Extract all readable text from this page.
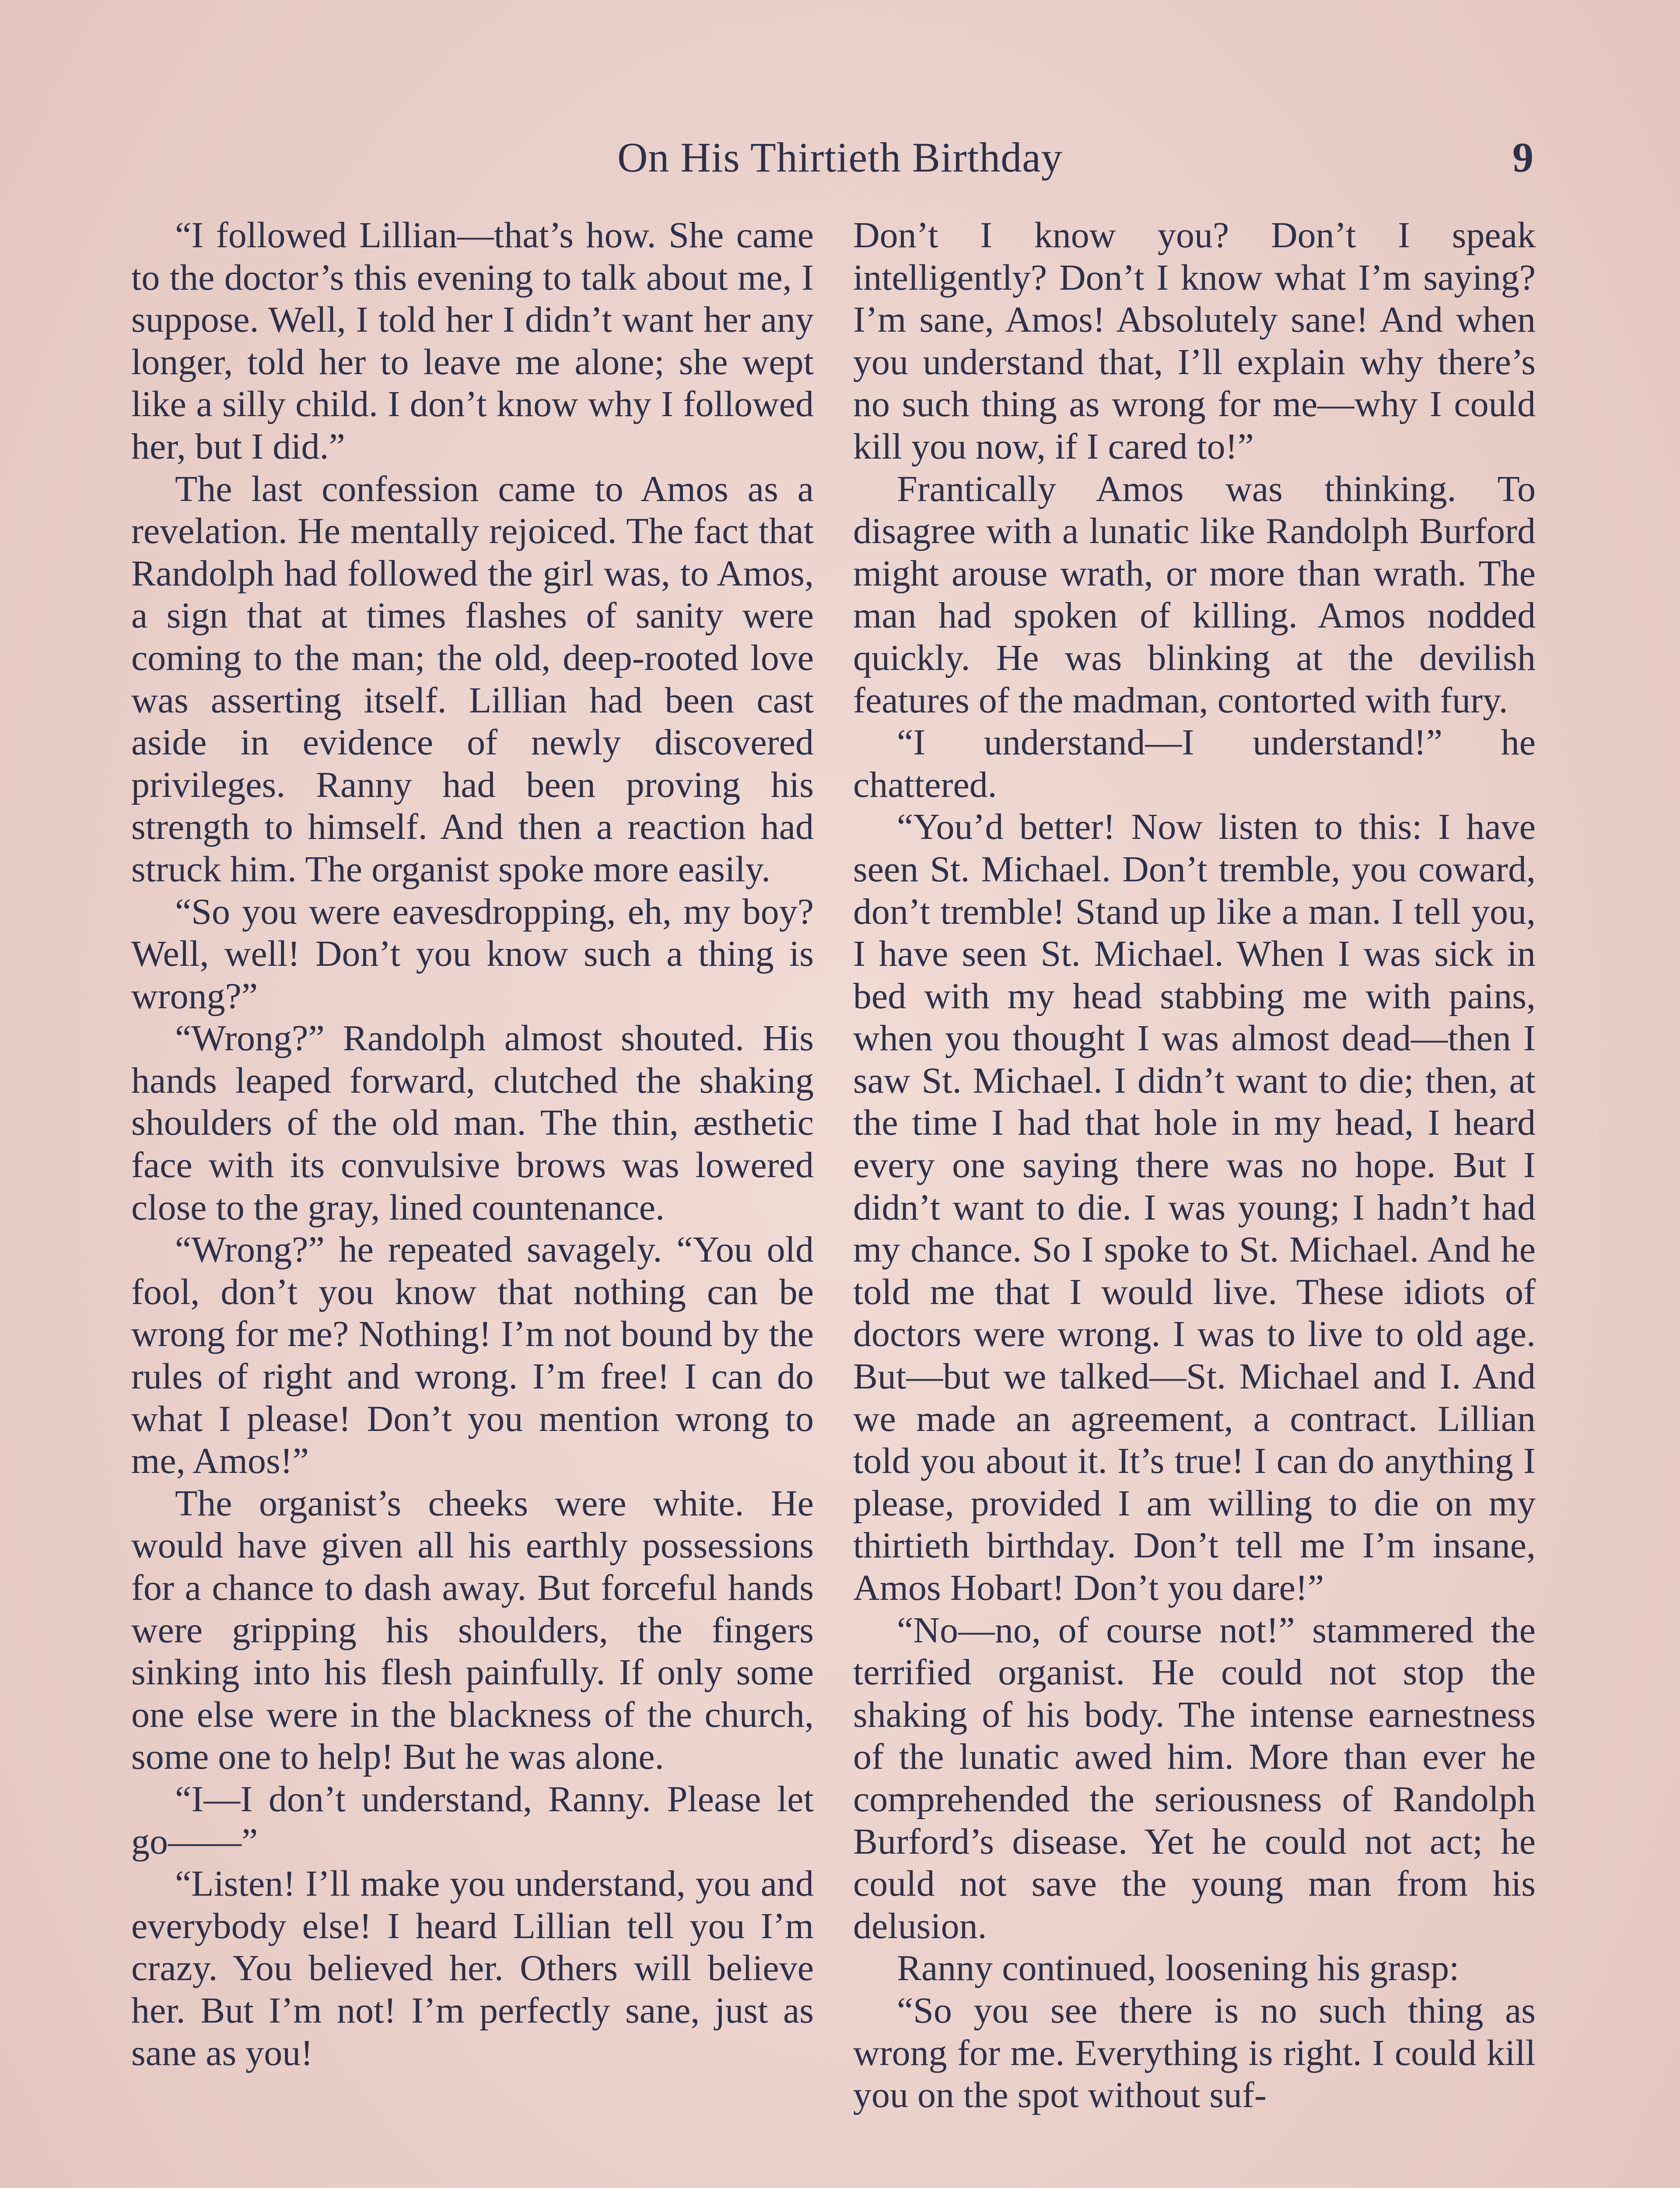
On His Thirtieth Birthday	9

“I followed Lillian—that’s how. She came to the doctor’s this evening to talk about me, I suppose. Well, I told her I didn’t want her any longer, told her to leave me alone; she wept like a silly child. I don’t know why I followed her, but I did.”

The last confession came to Amos as a revelation. He mentally rejoiced. The fact that Randolph had followed the girl was, to Amos, a sign that at times flashes of sanity were coming to the man; the old, deep-rooted love was asserting itself. Lillian had been cast aside in evidence of newly discovered privileges. Ranny had been proving his strength to himself. And then a reaction had struck him. The organist spoke more easily.

“So you were eavesdropping, eh, my boy? Well, well! Don’t you know such a thing is wrong?”

“Wrong?” Randolph almost shouted. His hands leaped forward, clutched the shaking shoulders of the old man. The thin, æsthetic face with its convulsive brows was lowered close to the gray, lined countenance.

“Wrong?” he repeated savagely. “You old fool, don’t you know that nothing can be wrong for me? Nothing! I’m not bound by the rules of right and wrong. I’m free! I can do what I please! Don’t you mention wrong to me, Amos!”

The organist’s cheeks were white. He would have given all his earthly possessions for a chance to dash away. But forceful hands were gripping his shoulders, the fingers sinking into his flesh painfully. If only some one else were in the blackness of the church, some one to help! But he was alone.

“I—I don’t understand, Ranny. Please let go——”

“Listen! I’ll make you understand, you and everybody else! I heard Lillian tell you I’m crazy. You believed her. Others will believe her. But I’m not! I’m perfectly sane, just as sane as you!

Don’t I know you? Don’t I speak intelligently? Don’t I know what I’m saying? I’m sane, Amos! Absolutely sane! And when you understand that, I’ll explain why there’s no such thing as wrong for me—why I could kill you now, if I cared to!”

Frantically Amos was thinking. To disagree with a lunatic like Randolph Burford might arouse wrath, or more than wrath. The man had spoken of killing. Amos nodded quickly. He was blinking at the devilish features of the madman, contorted with fury.

“I understand—I understand!” he chattered.

“You’d better! Now listen to this: I have seen St. Michael. Don’t tremble, you coward, don’t tremble! Stand up like a man. I tell you, I have seen St. Michael. When I was sick in bed with my head stabbing me with pains, when you thought I was almost dead—then I saw St. Michael. I didn’t want to die; then, at the time I had that hole in my head, I heard every one saying there was no hope. But I didn’t want to die. I was young; I hadn’t had my chance. So I spoke to St. Michael. And he told me that I would live. These idiots of doctors were wrong. I was to live to old age. But—but we talked—St. Michael and I. And we made an agreement, a contract. Lillian told you about it. It’s true! I can do anything I please, provided I am willing to die on my thirtieth birthday. Don’t tell me I’m insane, Amos Hobart! Don’t you dare!”

“No—no, of course not!” stammered the terrified organist. He could not stop the shaking of his body. The intense earnestness of the lunatic awed him. More than ever he comprehended the seriousness of Randolph Burford’s disease. Yet he could not act; he could not save the young man from his delusion.

Ranny continued, loosening his grasp:

“So you see there is no such thing as wrong for me. Everything is right. I could kill you on the spot without suf-
